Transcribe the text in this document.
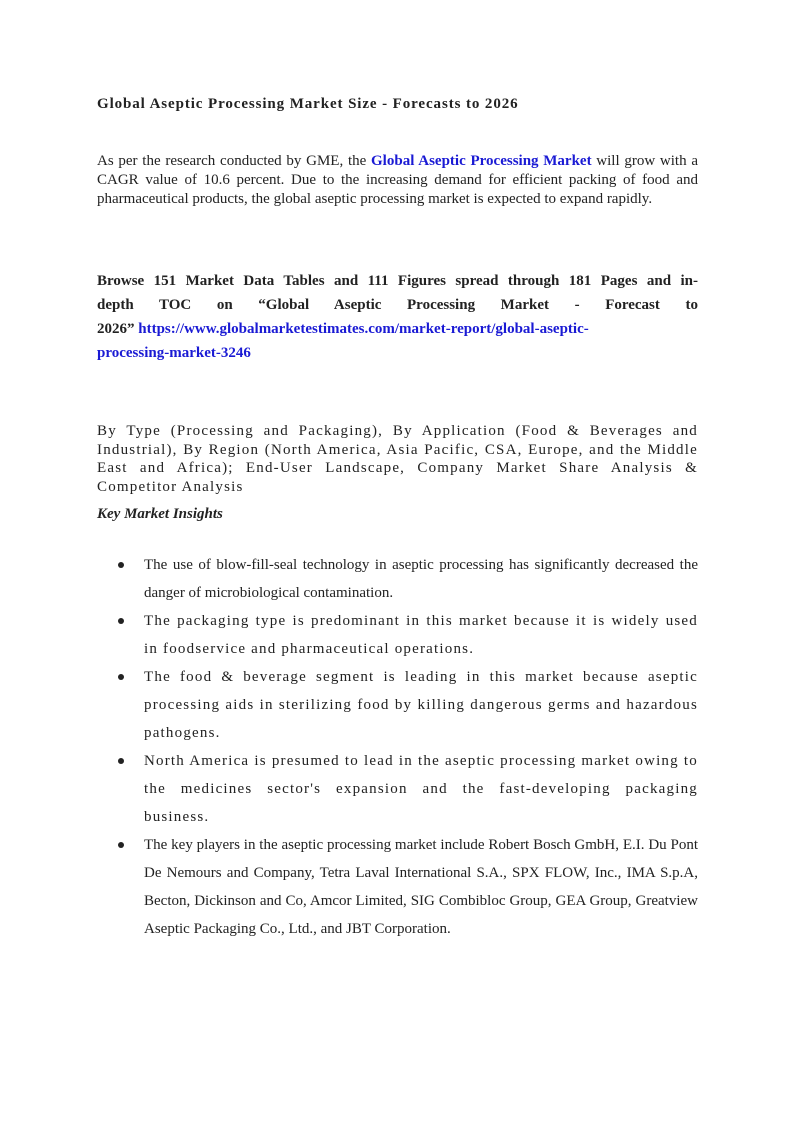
Global Aseptic Processing Market Size - Forecasts to 2026

As per the research conducted by GME, the Global Aseptic Processing Market will grow with a CAGR value of 10.6 percent. Due to the increasing demand for efficient packing of food and pharmaceutical products, the global aseptic processing market is expected to expand rapidly.

Browse 151 Market Data Tables and 111 Figures spread through 181 Pages and in-
depth TOC on “Global Aseptic Processing Market - Forecast to
2026” https://www.globalmarketestimates.com/market-report/global-aseptic-
processing-market-3246

By Type (Processing and Packaging), By Application (Food & Beverages and Industrial), By Region (North America, Asia Pacific, CSA, Europe, and the Middle East and Africa); End-User Landscape, Company Market Share Analysis & Competitor Analysis

Key Market Insights
The use of blow-fill-seal technology in aseptic processing has significantly decreased the danger of microbiological contamination.
The packaging type is predominant in this market because it is widely used in foodservice and pharmaceutical operations.
The food & beverage segment is leading in this market because aseptic processing aids in sterilizing food by killing dangerous germs and hazardous pathogens.
North America is presumed to lead in the aseptic processing market owing to the medicines sector's expansion and the fast-developing packaging business.
The key players in the aseptic processing market include Robert Bosch GmbH, E.I. Du Pont De Nemours and Company, Tetra Laval International S.A., SPX FLOW, Inc., IMA S.p.A, Becton, Dickinson and Co, Amcor Limited, SIG Combibloc Group, GEA Group, Greatview Aseptic Packaging Co., Ltd., and JBT Corporation.
